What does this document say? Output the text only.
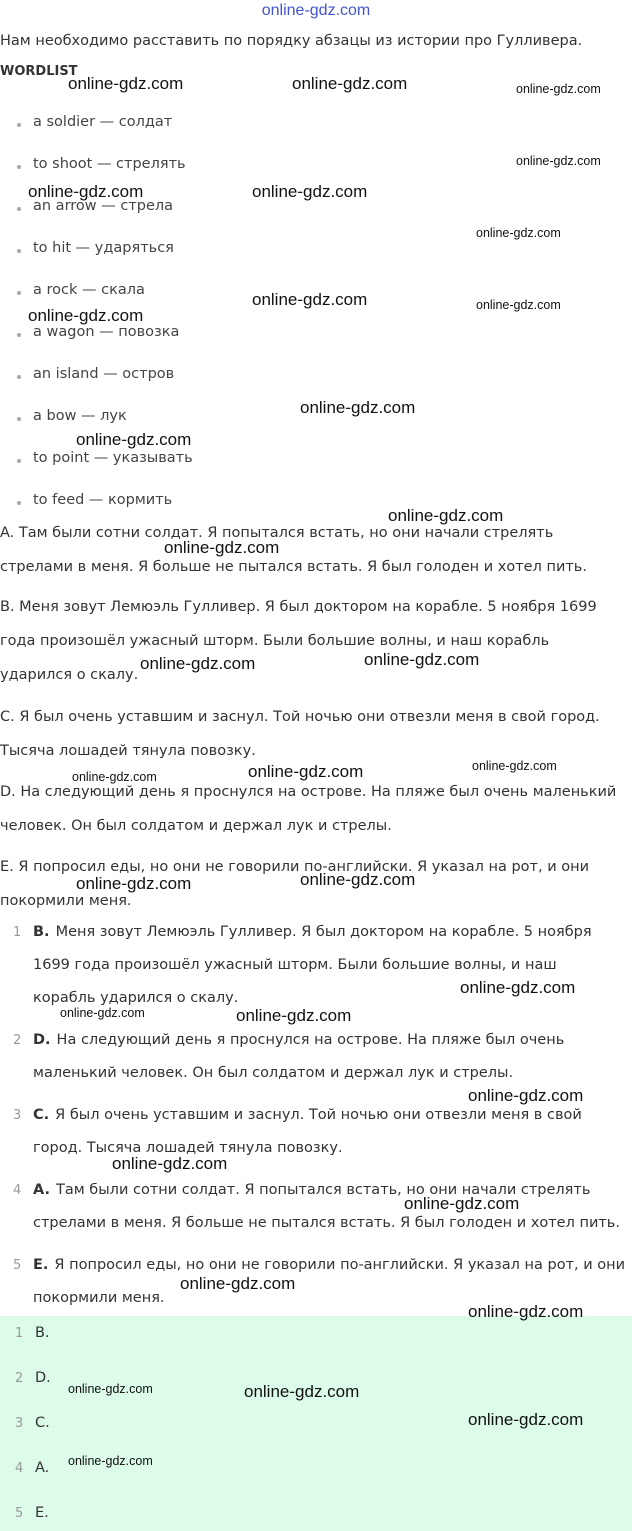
online-gdz.com
Нам необходимо расставить по порядку абзацы из истории про Гулливера.
WORDLIST
a soldier — солдат
to shoot — стрелять
an arrow — стрела
to hit — ударяться
a rock — скала
a wagon — повозка
an island — остров
a bow — лук
to point — указывать
to feed — кормить
A. Там были сотни солдат. Я попытался встать, но они начали стрелять
стрелами в меня. Я больше не пытался встать. Я был голоден и хотел пить.
B. Меня зовут Лемюэль Гулливер. Я был доктором на корабле. 5 ноября 1699
года произошёл ужасный шторм. Были большие волны, и наш корабль
ударился о скалу.
C. Я был очень уставшим и заснул. Той ночью они отвезли меня в свой город.
Тысяча лошадей тянула повозку.
D. На следующий день я проснулся на острове. На пляже был очень маленький
человек. Он был солдатом и держал лук и стрелы.
E. Я попросил еды, но они не говорили по-английски. Я указал на рот, и они
покормили меня.
1 B. Меня зовут Лемюэль Гулливер. Я был доктором на корабле. 5 ноября
1699 года произошёл ужасный шторм. Были большие волны, и наш
корабль ударился о скалу.
2 D. На следующий день я проснулся на острове. На пляже был очень
маленький человек. Он был солдатом и держал лук и стрелы.
3 C. Я был очень уставшим и заснул. Той ночью они отвезли меня в свой
город. Тысяча лошадей тянула повозку.
4 A. Там были сотни солдат. Я попытался встать, но они начали стрелять
стрелами в меня. Я больше не пытался встать. Я был голоден и хотел пить.
5 E. Я попросил еды, но они не говорили по-английски. Я указал на рот, и они
покормили меня.
1 B.
2 D.
3 C.
4 A.
5 E.
online-gdz.com	online-gdz.com	online-gdz.com
online-gdz.com
online-gdz.com	online-gdz.com
online-gdz.com
online-gdz.com	online-gdz.com
online-gdz.com
online-gdz.com
online-gdz.com
online-gdz.com
online-gdz.com
online-gdz.com
online-gdz.com
online-gdz.com	online-gdz.com
online-gdz.com
online-gdz.com
online-gdz.com
online-gdz.com
online-gdz.com
online-gdz.com
online-gdz.com
online-gdz.com
online-gdz.com
online-gdz.com
online-gdz.com
online-gdz.com
online-gdz.com
online-gdz.com
online-gdz.com
